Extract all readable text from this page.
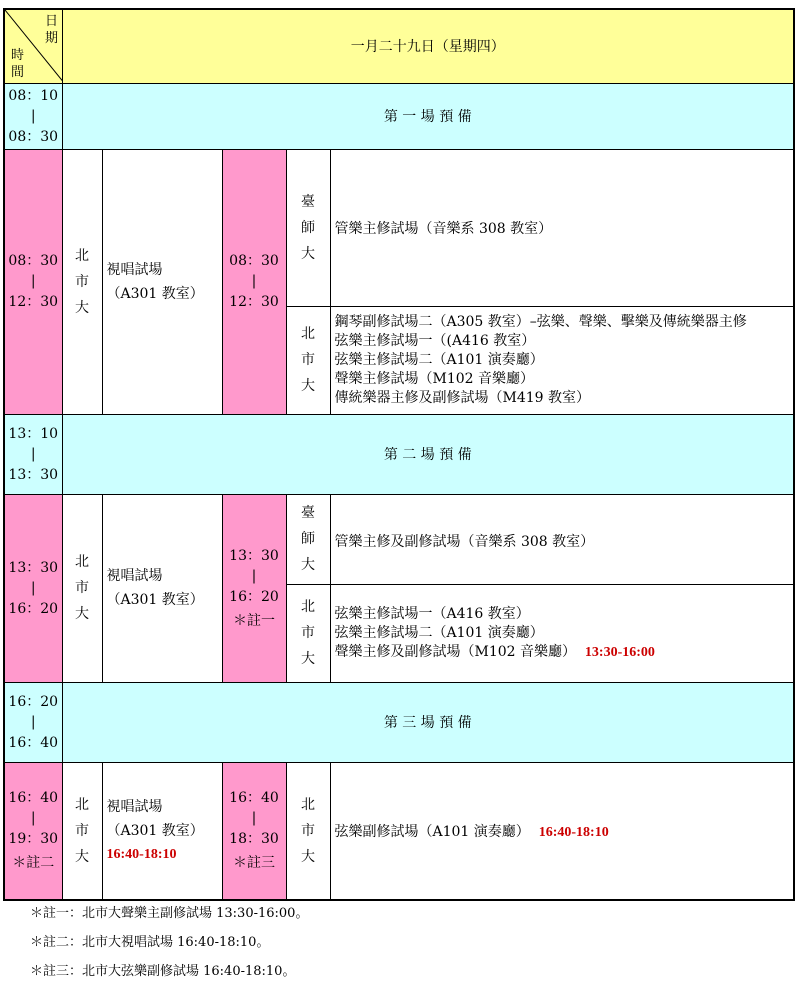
日
期
時
間	一月二十九日（星期四）				

08：10
|
08：30	第 一 場 預 備				

08：30
|
12：30	北
市
大	視唱試場
（A301 教室）	08：30
|
12：30	臺
師
大	管樂主修試場（音樂系 308 教室）

				北
市
大	鋼琴副修試場二（A305 教室）–弦樂、聲樂、擊樂及傳統樂器主修
弦樂主修試場一（(A416 教室）
弦樂主修試場二（A101 演奏廳）
聲樂主修試場（M102 音樂廳）
傳統樂器主修及副修試場（M419 教室）

13：10
|
13：30	第 二 場 預 備				

13：30
|
16：20	北
市
大	視唱試場
（A301 教室）	13：30
|
16：20
＊註一	臺
師
大	管樂主修及副修試場（音樂系 308 教室）

				北
市
大	弦樂主修試場一（A416 教室）
弦樂主修試場二（A101 演奏廳）
聲樂主修及副修試場（M102 音樂廳） 13:30-16:00

16：20
|
16：40	第 三 場 預 備				

16：40
|
19：30
＊註二	北
市
大	視唱試場
（A301 教室）
16:40-18:10	16：40
|
18：30
＊註三	北
市
大	弦樂副修試場（A101 演奏廳） 16:40-18:10
＊註一：北市大聲樂主副修試場 13:30-16:00。
＊註二：北市大視唱試場 16:40-18:10。
＊註三：北市大弦樂副修試場 16:40-18:10。
